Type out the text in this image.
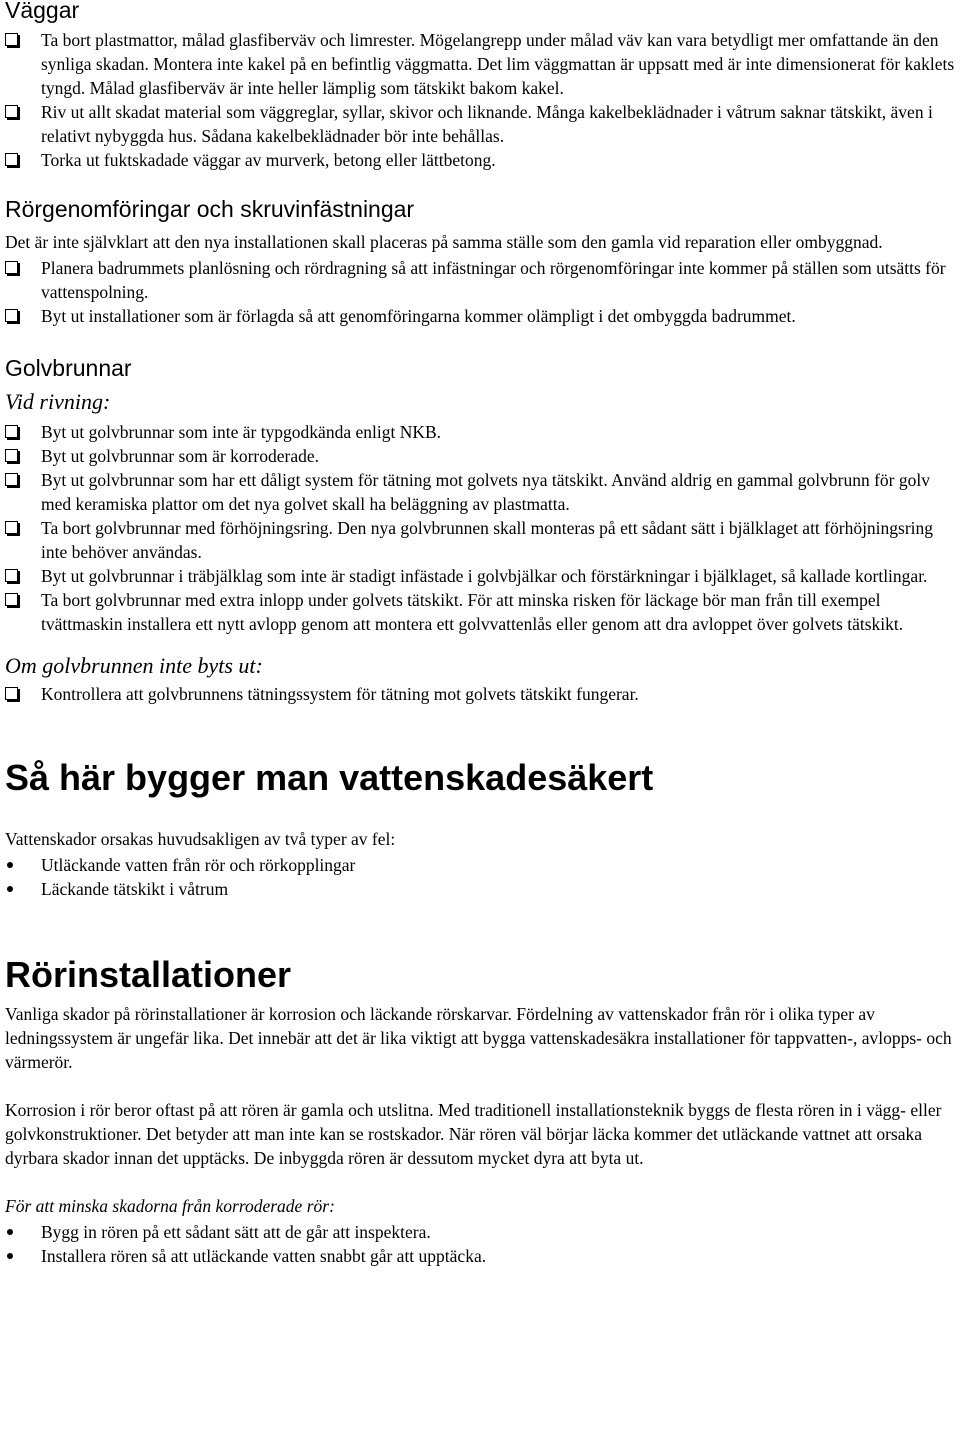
Väggar
Ta bort plastmattor, målad glasfiberväv och limrester. Mögelangrepp under målad väv kan vara betydligt mer omfattande än den synliga skadan. Montera inte kakel på en befintlig väggmatta. Det lim väggmattan är uppsatt med är inte dimensionerat för kaklets tyngd. Målad glasfiberväv är inte heller lämplig som tätskikt bakom kakel.
Riv ut allt skadat material som väggreglar, syllar, skivor och liknande. Många kakelbeklädnader i våtrum saknar tätskikt, även i relativt nybyggda hus. Sådana kakelbeklädnader bör inte behållas.
Torka ut fuktskadade väggar av murverk, betong eller lättbetong.
Rörgenomföringar och skruvinfästningar

Det är inte självklart att den nya installationen skall placeras på samma ställe som den gamla vid reparation eller ombyggnad.

Planera badrummets planlösning och rördragning så att infästningar och rörgenomföringar inte kommer på ställen som utsätts för vattenspolning.
Byt ut installationer som är förlagda så att genomföringarna kommer olämpligt i det ombyggda badrummet.
Golvbrunnar

Vid rivning:

Byt ut golvbrunnar som inte är typgodkända enligt NKB.
Byt ut golvbrunnar som är korroderade.
Byt ut golvbrunnar som har ett dåligt system för tätning mot golvets nya tätskikt. Använd aldrig en gammal golvbrunn för golv med keramiska plattor om det nya golvet skall ha beläggning av plastmatta.
Ta bort golvbrunnar med förhöjningsring. Den nya golvbrunnen skall monteras på ett sådant sätt i bjälklaget att förhöjningsring inte behöver användas.
Byt ut golvbrunnar i träbjälklag som inte är stadigt infästade i golvbjälkar och förstärkningar i bjälklaget, så kallade kortlingar.
Ta bort golvbrunnar med extra inlopp under golvets tätskikt. För att minska risken för läckage bör man från till exempel tvättmaskin installera ett nytt avlopp genom att montera ett golvvattenlås eller genom att dra avloppet över golvets tätskikt.

Om golvbrunnen inte byts ut:

Kontrollera att golvbrunnens tätningssystem för tätning mot golvets tätskikt fungerar.
Så här bygger man vattenskadesäkert

Vattenskador orsakas huvudsakligen av två typer av fel:

Utläckande vatten från rör och rörkopplingar
Läckande tätskikt i våtrum
Rörinstallationer

Vanliga skador på rörinstallationer är korrosion och läckande rörskarvar. Fördelning av vattenskador från rör i olika typer av ledningssystem är ungefär lika. Det innebär att det är lika viktigt att bygga vattenskadesäkra installationer för tappvatten-, avlopps- och värmerör.

Korrosion i rör beror oftast på att rören är gamla och utslitna. Med traditionell installationsteknik byggs de flesta rören in i vägg- eller golvkonstruktioner. Det betyder att man inte kan se rostskador. När rören väl börjar läcka kommer det utläckande vattnet att orsaka dyrbara skador innan det upptäcks. De inbyggda rören är dessutom mycket dyra att byta ut.

För att minska skadorna från korroderade rör:

Bygg in rören på ett sådant sätt att de går att inspektera.
Installera rören så att utläckande vatten snabbt går att upptäcka.
